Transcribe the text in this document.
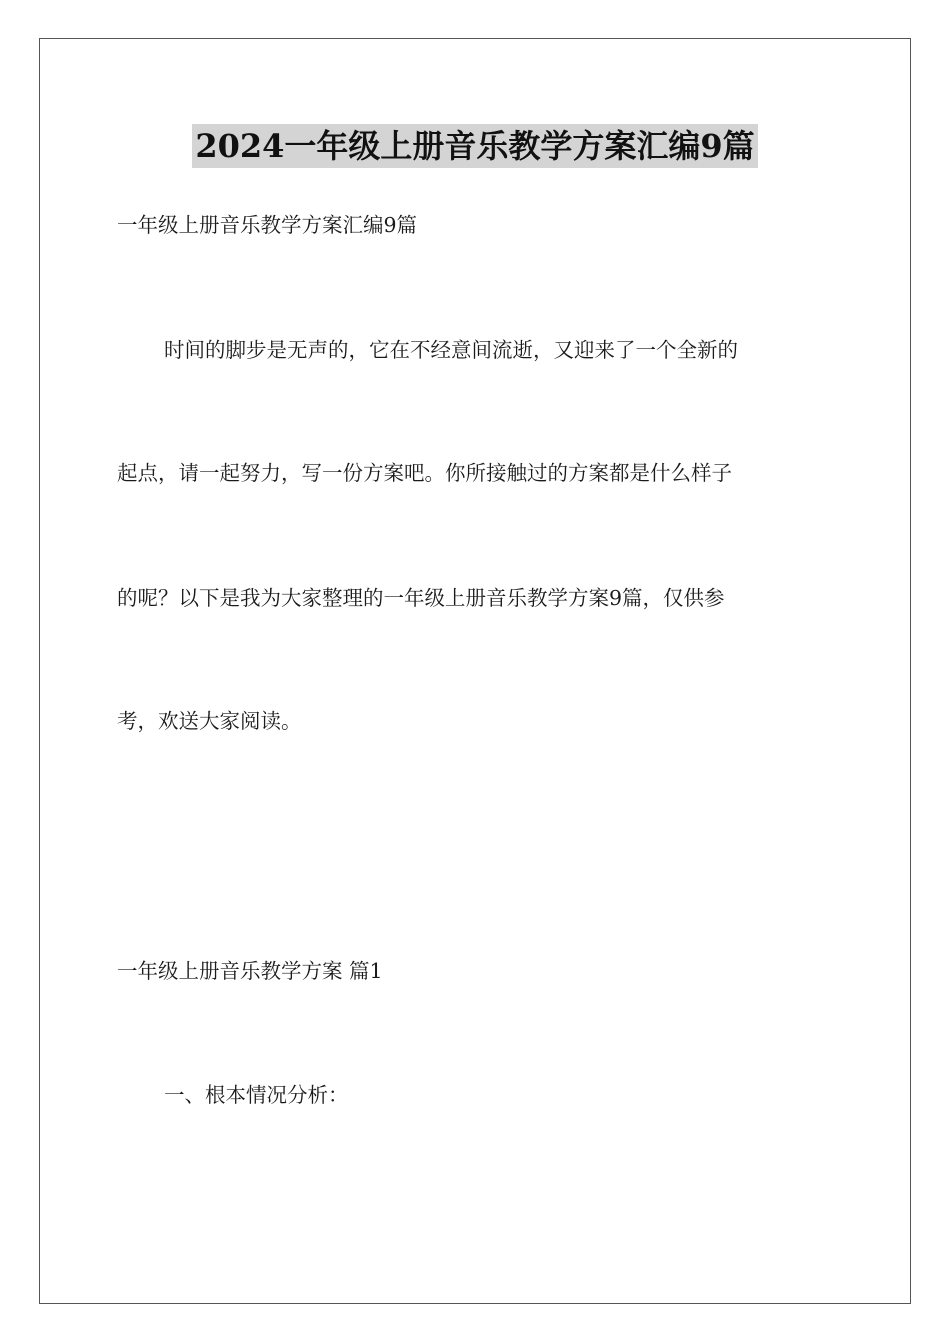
2024一年级上册音乐教学方案汇编9篇
一年级上册音乐教学方案汇编9篇
时间的脚步是无声的，它在不经意间流逝，又迎来了一个全新的
起点，请一起努力，写一份方案吧。你所接触过的方案都是什么样子
的呢？以下是我为大家整理的一年级上册音乐教学方案9篇，仅供参
考，欢送大家阅读。
一年级上册音乐教学方案 篇1
一、根本情况分析：
